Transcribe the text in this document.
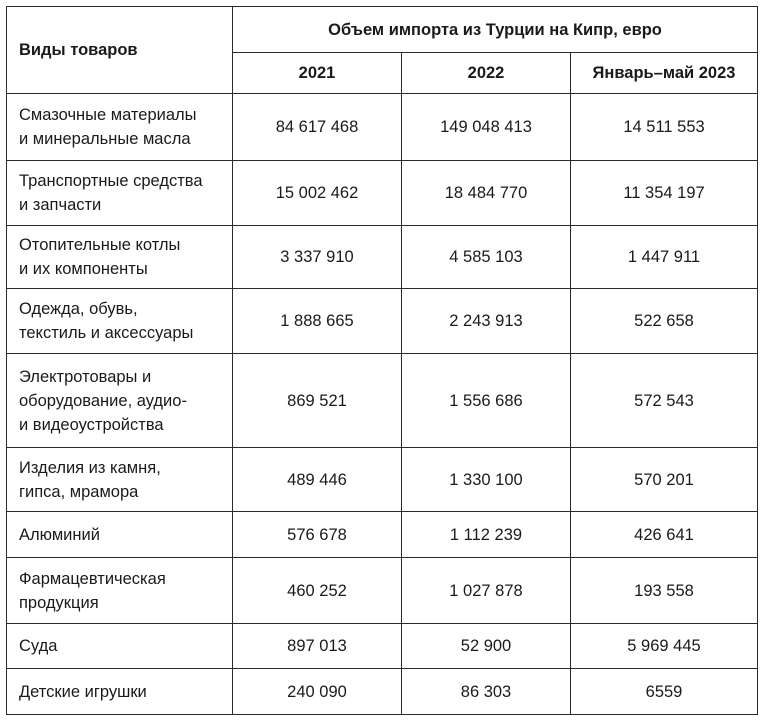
Виды товаров	Объем импорта из Турции на Кипр, евро		
	2021	2022	Январь–май 2023

Смазочные материалы
и минеральные масла	84 617 468	149 048 413	14 511 553

Транспортные средства
и запчасти	15 002 462	18 484 770	11 354 197

Отопительные котлы
и их компоненты	3 337 910	4 585 103	1 447 911

Одежда, обувь,
текстиль и аксессуары	1 888 665	2 243 913	522 658

Электротовары и
оборудование, аудио-
и видеоустройства	869 521	1 556 686	572 543

Изделия из камня,
гипса, мрамора	489 446	1 330 100	570 201

Алюминий	576 678	1 112 239	426 641

Фармацевтическая
продукция	460 252	1 027 878	193 558

Суда	897 013	52 900	5 969 445

Детские игрушки	240 090	86 303	6559
